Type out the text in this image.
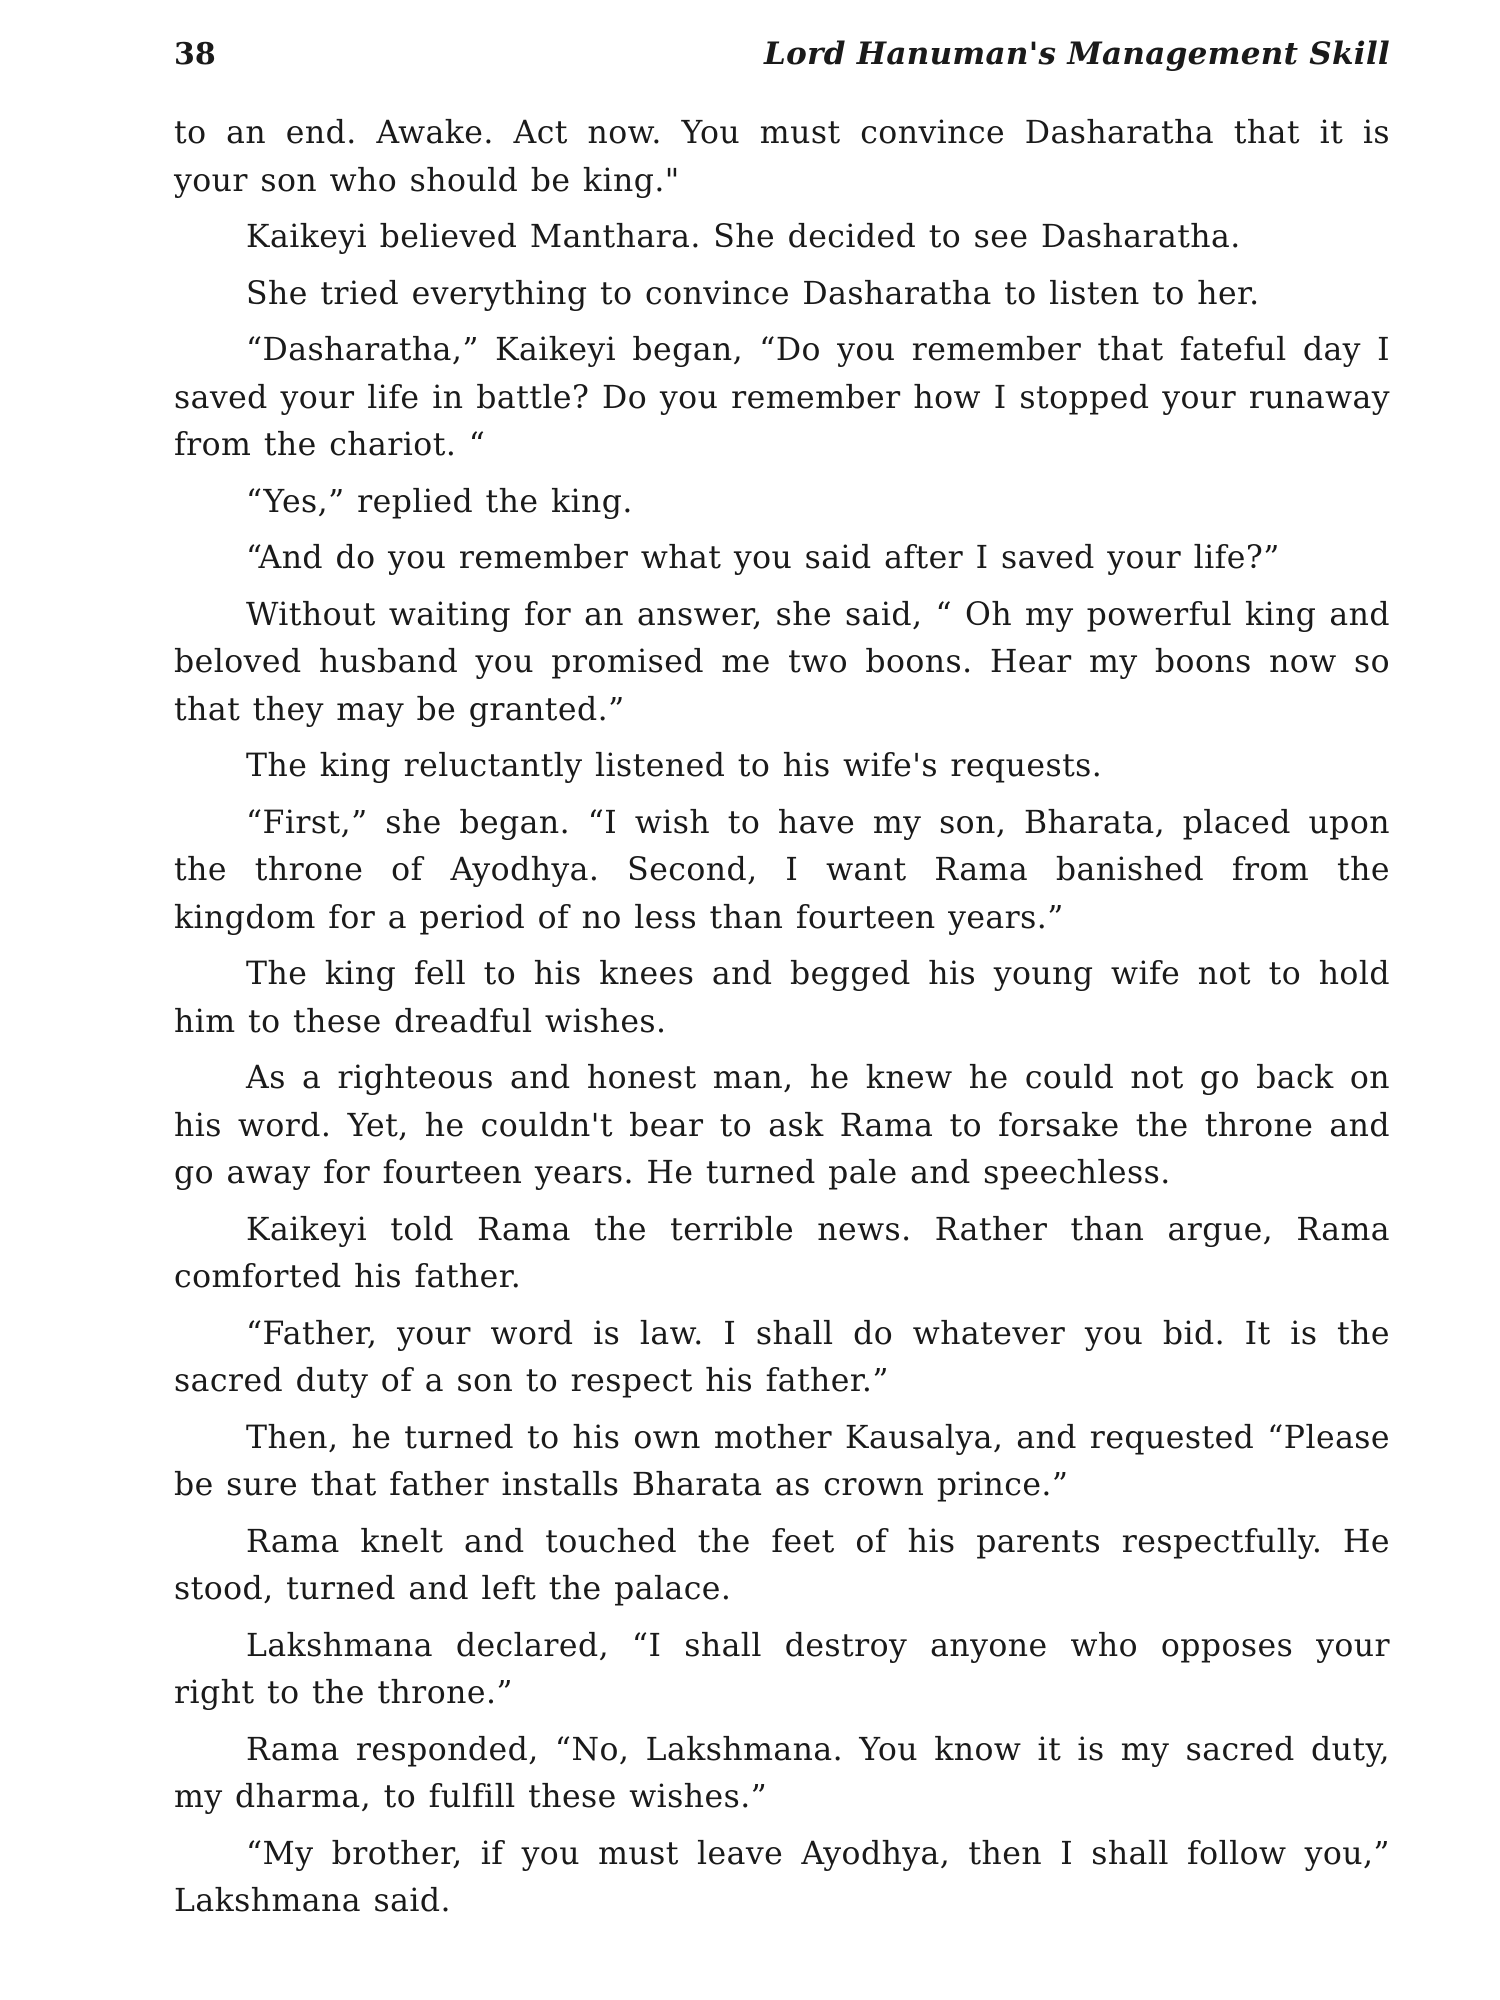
38	Lord Hanuman's Management Skill

to an end. Awake. Act now. You must convince Dasharatha that it is your son who should be king."

Kaikeyi believed Manthara. She decided to see Dasharatha.

She tried everything to convince Dasharatha to listen to her.

“Dasharatha,” Kaikeyi began, “Do you remember that fateful day I saved your life in battle? Do you remember how I stopped your runaway from the chariot. “

“Yes,” replied the king.

“And do you remember what you said after I saved your life?”

Without waiting for an answer, she said, “ Oh my powerful king and beloved husband you promised me two boons. Hear my boons now so that they may be granted.”

The king reluctantly listened to his wife's requests.

“First,” she began. “I wish to have my son, Bharata, placed upon the throne of Ayodhya. Second, I want Rama banished from the kingdom for a period of no less than fourteen years.”

The king fell to his knees and begged his young wife not to hold him to these dreadful wishes.

As a righteous and honest man, he knew he could not go back on his word. Yet, he couldn't bear to ask Rama to forsake the throne and go away for fourteen years. He turned pale and speechless.

Kaikeyi told Rama the terrible news. Rather than argue, Rama comforted his father.

“Father, your word is law. I shall do whatever you bid. It is the sacred duty of a son to respect his father.”

Then, he turned to his own mother Kausalya, and requested “Please be sure that father installs Bharata as crown prince.”

Rama knelt and touched the feet of his parents respectfully. He stood, turned and left the palace.

Lakshmana declared, “I shall destroy anyone who opposes your right to the throne.”

Rama responded, “No, Lakshmana. You know it is my sacred duty, my dharma, to fulfill these wishes.”

“My brother, if you must leave Ayodhya, then I shall follow you,” Lakshmana said.
